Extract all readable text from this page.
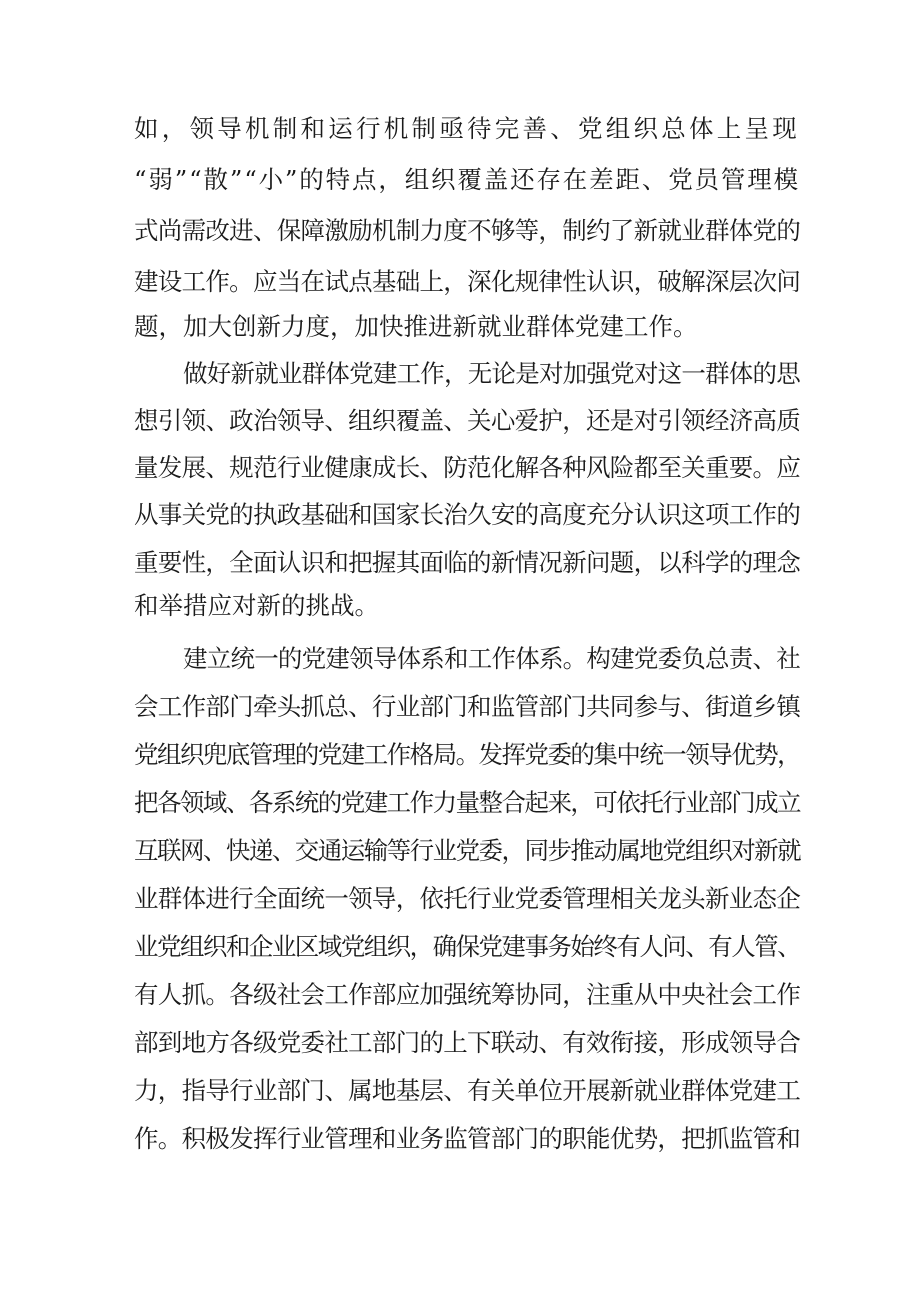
如，领导机制和运行机制亟待完善、党组织总体上呈现
“弱”“散”“小”的特点，组织覆盖还存在差距、党员管理模
式尚需改进、保障激励机制力度不够等，制约了新就业群体党的
建设工作。应当在试点基础上，深化规律性认识，破解深层次问
题，加大创新力度，加快推进新就业群体党建工作。
做好新就业群体党建工作，无论是对加强党对这一群体的思
想引领、政治领导、组织覆盖、关心爱护，还是对引领经济高质
量发展、规范行业健康成长、防范化解各种风险都至关重要。应
从事关党的执政基础和国家长治久安的高度充分认识这项工作的
重要性，全面认识和把握其面临的新情况新问题，以科学的理念
和举措应对新的挑战。
建立统一的党建领导体系和工作体系。构建党委负总责、社
会工作部门牵头抓总、行业部门和监管部门共同参与、街道乡镇
党组织兜底管理的党建工作格局。发挥党委的集中统一领导优势，
把各领域、各系统的党建工作力量整合起来，可依托行业部门成立
互联网、快递、交通运输等行业党委，同步推动属地党组织对新就
业群体进行全面统一领导，依托行业党委管理相关龙头新业态企
业党组织和企业区域党组织，确保党建事务始终有人问、有人管、
有人抓。各级社会工作部应加强统筹协同，注重从中央社会工作
部到地方各级党委社工部门的上下联动、有效衔接，形成领导合
力，指导行业部门、属地基层、有关单位开展新就业群体党建工
作。积极发挥行业管理和业务监管部门的职能优势，把抓监管和
